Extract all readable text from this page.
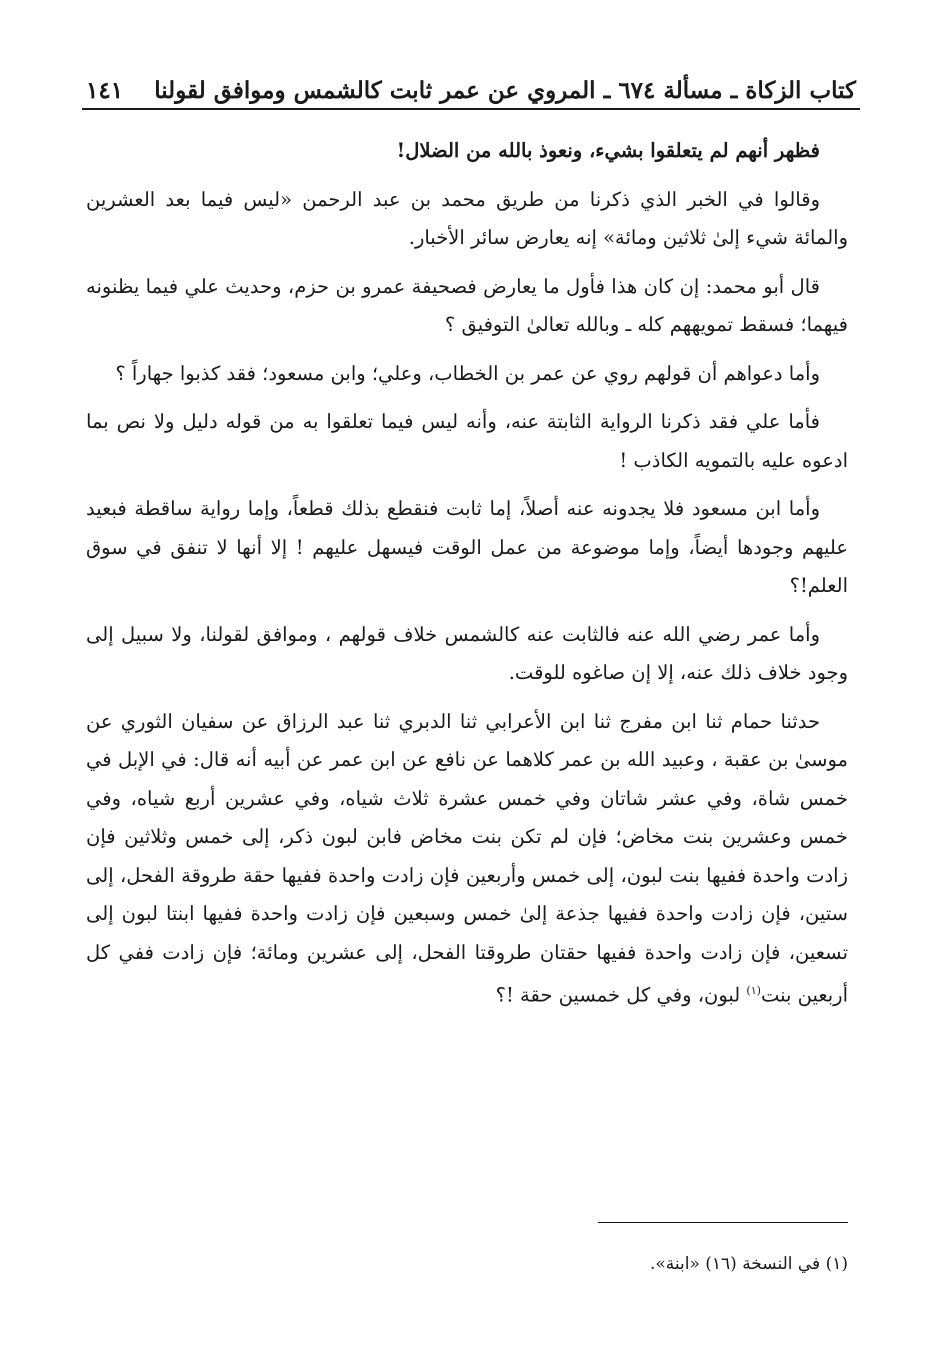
كتاب الزكاة ـ مسألة ٦٧٤ ـ المروي عن عمر ثابت كالشمس وموافق لقولنا
١٤١

فظهر أنهم لم يتعلقوا بشيء، ونعوذ بالله من الضلال!

وقالوا في الخبر الذي ذكرنا من طريق محمد بن عبد الرحمن «ليس فيما بعد العشرين والمائة شيء إلىٰ ثلاثين ومائة» إنه يعارض سائر الأخبار.

قال أبو محمد: إن كان هذا فأول ما يعارض فصحيفة عمرو بن حزم، وحديث علي فيما يظنونه فيهما؛ فسقط تمويههم كله ـ وبالله تعالىٰ التوفيق ؟

وأما دعواهم أن قولهم روي عن عمر بن الخطاب، وعلي؛ وابن مسعود؛ فقد كذبوا جهاراً ؟

فأما علي فقد ذكرنا الرواية الثابتة عنه، وأنه ليس فيما تعلقوا به من قوله دليل ولا نص بما ادعوه عليه بالتمويه الكاذب !

وأما ابن مسعود فلا يجدونه عنه أصلاً، إما ثابت فنقطع بذلك قطعاً، وإما رواية ساقطة فبعيد عليهم وجودها أيضاً، وإما موضوعة من عمل الوقت فيسهل عليهم ! إلا أنها لا تنفق في سوق العلم!؟

وأما عمر رضي الله عنه فالثابت عنه كالشمس خلاف قولهم ، وموافق لقولنا، ولا سبيل إلى وجود خلاف ذلك عنه، إلا إن صاغوه للوقت.

حدثنا حمام ثنا ابن مفرج ثنا ابن الأعرابي ثنا الدبري ثنا عبد الرزاق عن سفيان الثوري عن موسىٰ بن عقبة ، وعبيد الله بن عمر كلاهما عن نافع عن ابن عمر عن أبيه أنه قال: في الإبل في خمس شاة، وفي عشر شاتان وفي خمس عشرة ثلاث شياه، وفي عشرين أربع شياه، وفي خمس وعشرين بنت مخاض؛ فإن لم تكن بنت مخاض فابن لبون ذكر، إلى خمس وثلاثين فإن زادت واحدة ففيها بنت لبون، إلى خمس وأربعين فإن زادت واحدة ففيها حقة طروقة الفحل، إلى ستين، فإن زادت واحدة ففيها جذعة إلىٰ خمس وسبعين فإن زادت واحدة ففيها ابنتا لبون إلى تسعين، فإن زادت واحدة ففيها حقتان طروقتا الفحل، إلى عشرين ومائة؛ فإن زادت ففي كل أربعين بنت$^{(١)}$ لبون، وفي كل خمسين حقة !؟

(١) في النسخة (١٦) «ابنة».
